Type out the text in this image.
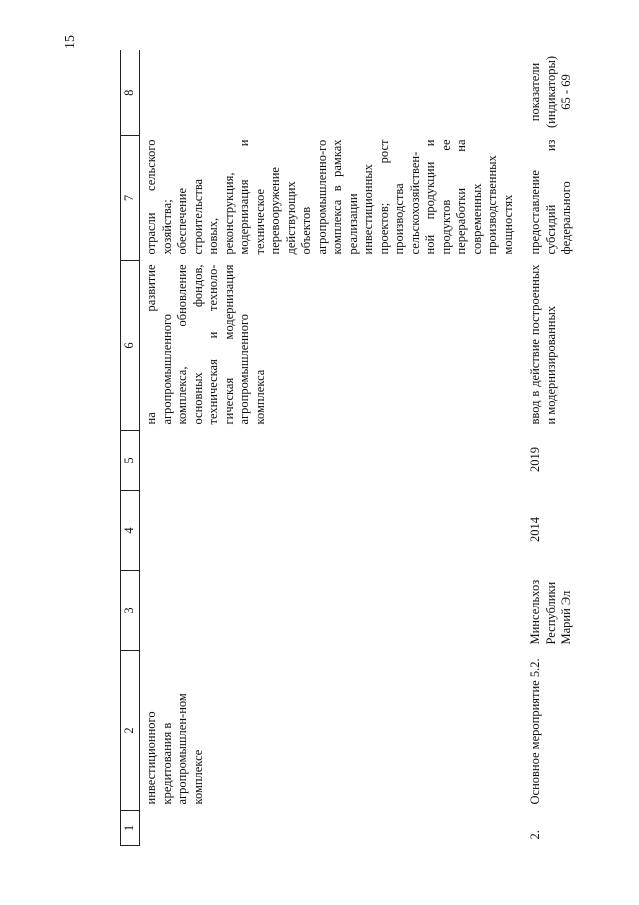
15
1	2	3	4	5	6	7	8
	инвестиционного кредитования в агропромышлен-ном комплексе				на развитие агропромышленного комплекса, обновление основных фондов, техническая и техноло-гическая модернизация агропромышленного комплекса	отрасли сельского хозяйства; обеспечение строительства новых, реконструкция, модернизация и техническое перевооружение действующих объектов агропромышленно-го комплекса в рамках реализации инвестиционных проектов; рост производства сельскохозяйствен-ной продукции и продуктов ее переработки на современных производственных мощностях	
2.	Основное мероприятие 5.2.	Минсельхоз Республики Марий Эл	2014	2019	ввод в действие построенных и модернизированных	предоставление субсидий из федерального	показатели (индикаторы) 65 - 69
